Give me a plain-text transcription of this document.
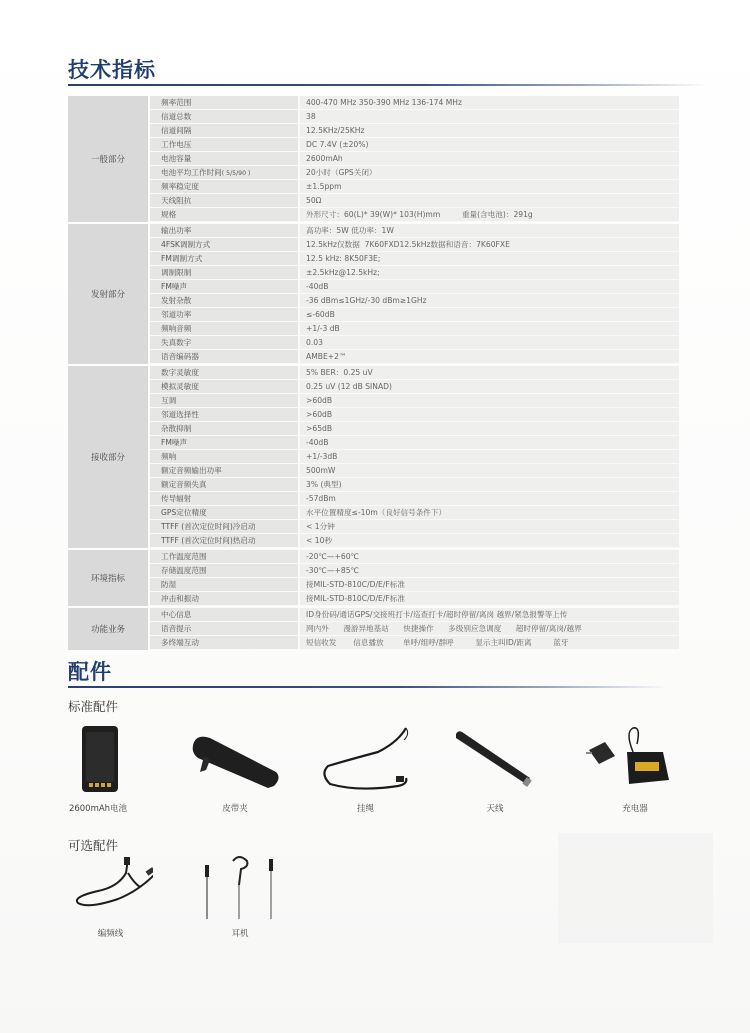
技术指标
一般部分
频率范围	400-470 MHz 350-390 MHz 136-174 MHz
信道总数	38
信道间隔	12.5KHz/25KHz
工作电压	DC 7.4V (±20%)
电池容量	2600mAh
电池平均工作时间( 5/5/90 )	20小时（GPS关闭）
频率稳定度	±1.5ppm
天线阻抗	50Ω
规格	外形尺寸：60(L)* 39(W)* 103(H)mm         重量(含电池)：291g
发射部分
输出功率	高功率：5W 低功率：1W
4FSK调制方式	12.5kHz仅数据  7K60FXD12.5kHz数据和语音：7K60FXE
FM调制方式	12.5 kHz: 8K50F3E;
调制限制	±2.5kHz@12.5kHz;
FM噪声	-40dB
发射杂散	-36 dBm≤1GHz/-30 dBm≥1GHz
邻道功率	≤-60dB
频响音频	+1/-3 dB
失真数字	0.03
语音编码器	AMBE+2™
接收部分
数字灵敏度	5% BER：0.25 uV
模拟灵敏度	0.25 uV (12 dB SINAD)
互调	>60dB
邻道选择性	>60dB
杂散抑制	>65dB
FM噪声	-40dB
频响	+1/-3dB
额定音频输出功率	500mW
额定音频失真	3% (典型)
传导辐射	-57dBm
GPS定位精度	水平位置精度≤-10m（良好信号条件下）
TTFF (首次定位时间)冷启动	< 1分钟
TTFF (首次定位时间)热启动	< 10秒
环境指标
工作温度范围	-20℃—+60℃
存储温度范围	-30℃—+85℃
防湿	接MIL-STD-810C/D/E/F标准
冲击和振动	接MIL-STD-810C/D/E/F标准
功能业务
中心信息	ID身份码/通话GPS/交接班打卡/巡查打卡/超时停留/离岗 越界/紧急报警等上传
语音提示	网内外      漫游异地基站      快捷操作      多级别应急调度      超时停留/离岗/越界
多终端互动	短信收发       信息播放        单呼/组呼/群呼         显示主叫ID/距离         蓝牙
配件
标准配件
2600mAh电池	皮带夹	挂绳	天线	充电器
可选配件
编频线	耳机
